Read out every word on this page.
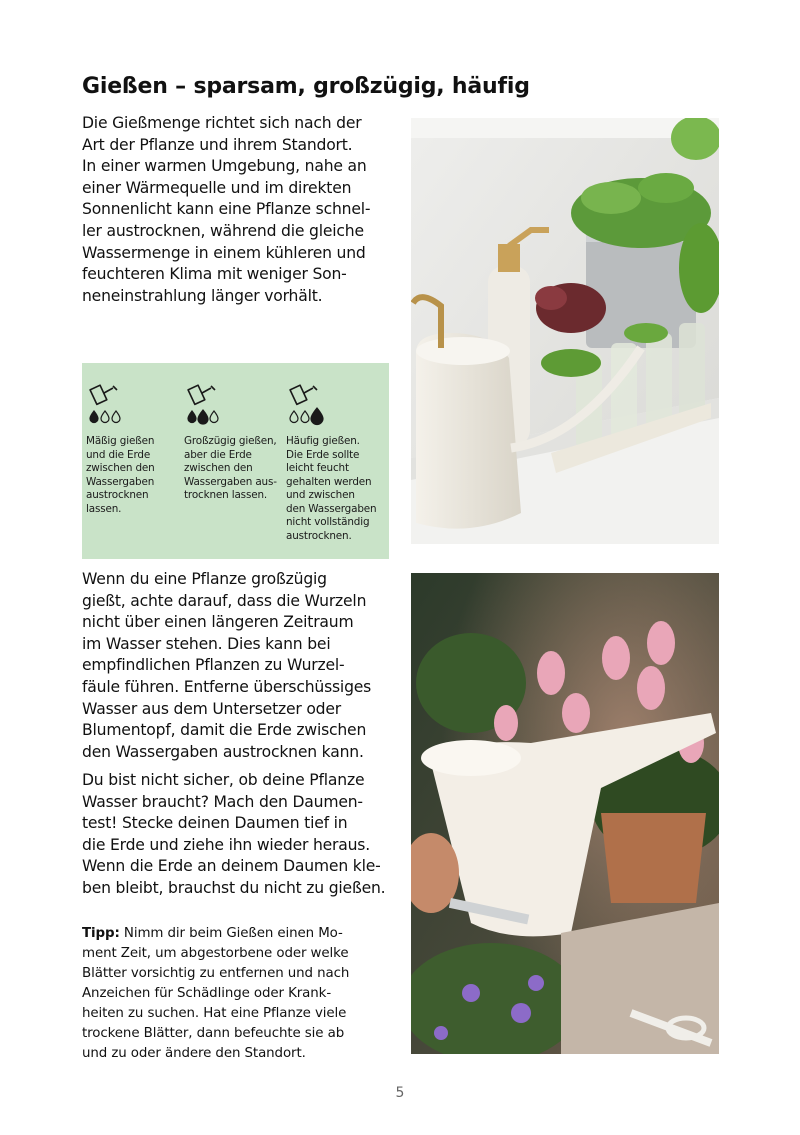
Gießen – sparsam, großzügig, häufig

Die Gießmenge richtet sich nach der
Art der Pflanze und ihrem Standort.
In einer warmen Umgebung, nahe an
einer Wärmequelle und im direkten
Sonnenlicht kann eine Pflanze schnel-
ler austrocknen, während die gleiche
Wassermenge in einem kühleren und
feuchteren Klima mit weniger Son-
neneinstrahlung länger vorhält.

Mäßig gießen
und die Erde
zwischen den
Wassergaben
austrocknen
lassen.
Großzügig gießen,
aber die Erde
zwischen den
Wassergaben aus-
trocknen lassen.
Häufig gießen.
Die Erde sollte
leicht feucht
gehalten werden
und zwischen
den Wassergaben
nicht vollständig
austrocknen.

Wenn du eine Pflanze großzügig
gießt, achte darauf, dass die Wurzeln
nicht über einen längeren Zeitraum
im Wasser stehen. Dies kann bei
empfindlichen Pflanzen zu Wurzel-
fäule führen. Entferne überschüssiges
Wasser aus dem Untersetzer oder
Blumentopf, damit die Erde zwischen
den Wassergaben austrocknen kann.

Du bist nicht sicher, ob deine Pflanze
Wasser braucht? Mach den Daumen-
test! Stecke deinen Daumen tief in
die Erde und ziehe ihn wieder heraus.
Wenn die Erde an deinem Daumen kle-
ben bleibt, brauchst du nicht zu gießen.

Tipp: Nimm dir beim Gießen einen Mo-
ment Zeit, um abgestorbene oder welke
Blätter vorsichtig zu entfernen und nach
Anzeichen für Schädlinge oder Krank-
heiten zu suchen. Hat eine Pflanze viele
trockene Blätter, dann befeuchte sie ab
und zu oder ändere den Standort.

5
